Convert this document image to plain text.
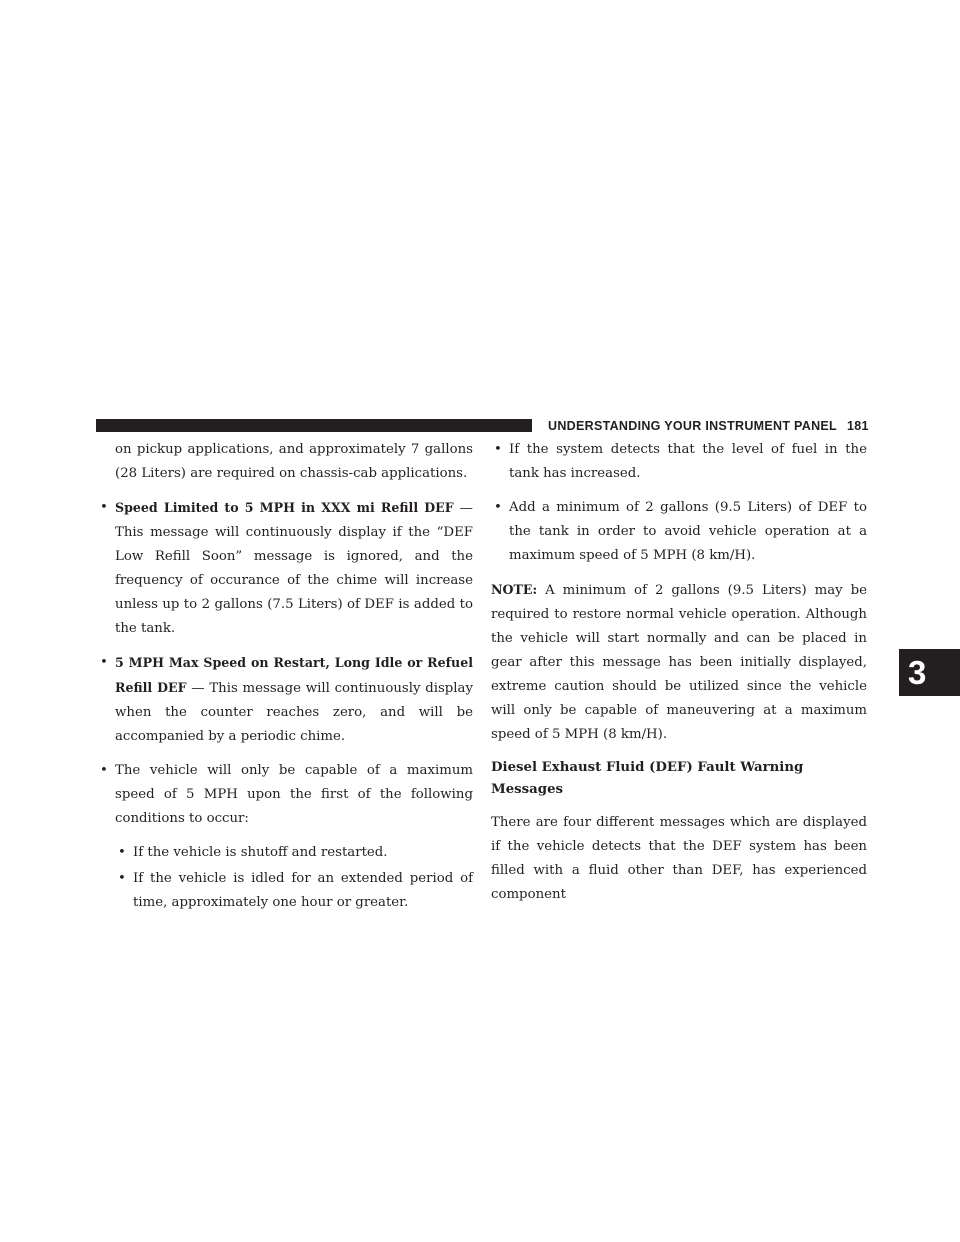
UNDERSTANDING YOUR INSTRUMENT PANEL 181
3

on pickup applications, and approximately 7 gallons (28 Liters) are required on chassis-cab applications.

• Speed Limited to 5 MPH in XXX mi Refill DEF — This message will continuously display if the “DEF Low Refill Soon” message is ignored, and the frequency of occurance of the chime will increase unless up to 2 gallons (7.5 Liters) of DEF is added to the tank.
• 5 MPH Max Speed on Restart, Long Idle or Refuel Refill DEF — This message will continuously display when the counter reaches zero, and will be accompanied by a periodic chime.
• The vehicle will only be capable of a maximum speed of 5 MPH upon the first of the following conditions to occur:
• If the vehicle is shutoff and restarted.
• If the vehicle is idled for an extended period of time, approximately one hour or greater.
• If the system detects that the level of fuel in the tank has increased.
• Add a minimum of 2 gallons (9.5 Liters) of DEF to the tank in order to avoid vehicle operation at a maximum speed of 5 MPH (8 km/H).

NOTE: A minimum of 2 gallons (9.5 Liters) may be required to restore normal vehicle operation. Although the vehicle will start normally and can be placed in gear after this message has been initially displayed, extreme caution should be utilized since the vehicle will only be capable of maneuvering at a maximum speed of 5 MPH (8 km/H).

Diesel Exhaust Fluid (DEF) Fault Warning Messages

There are four different messages which are displayed if the vehicle detects that the DEF system has been filled with a fluid other than DEF, has experienced component
